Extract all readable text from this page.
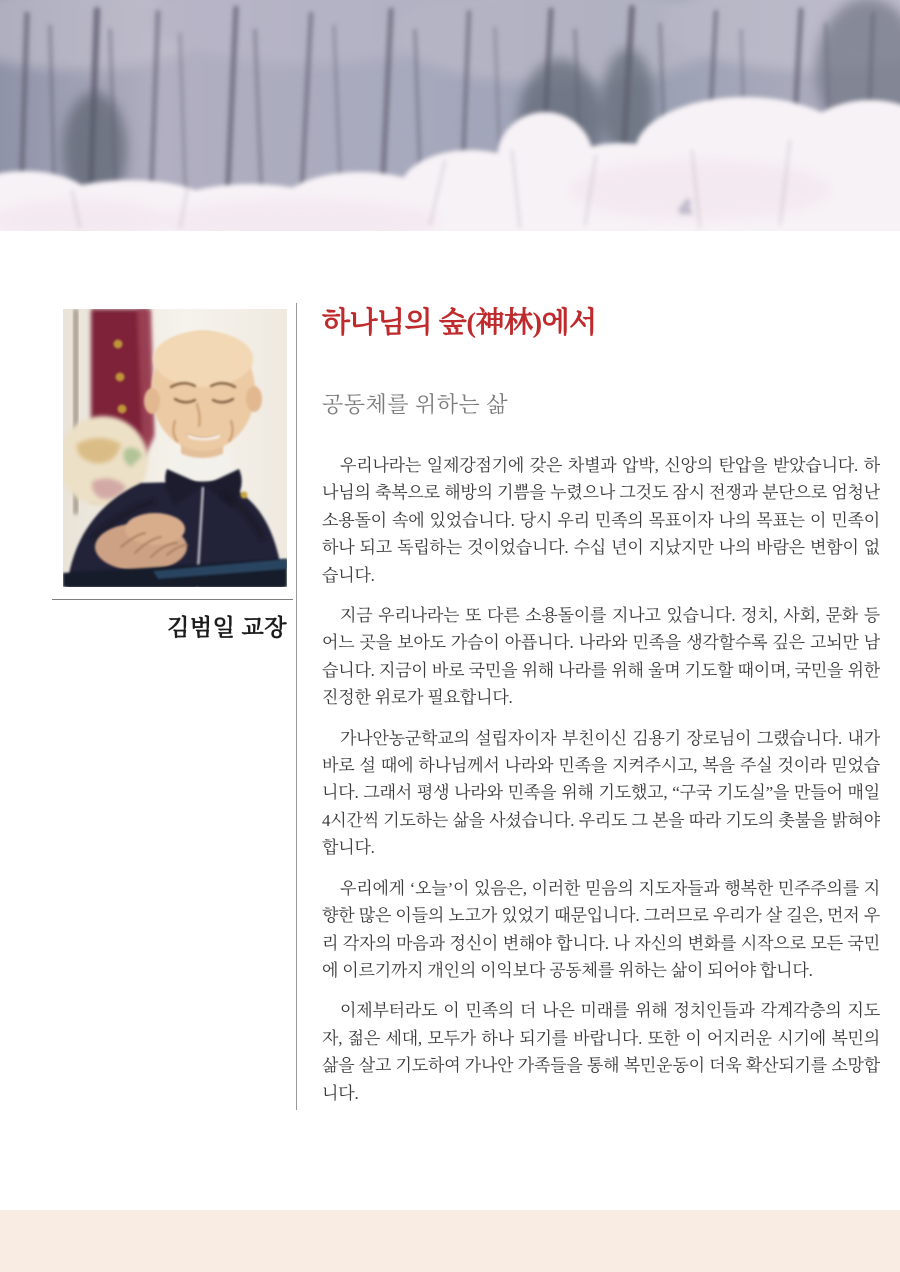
김범일 교장
하나님의 숲(神林)에서
공동체를 위하는 삶

우리나라는 일제강점기에 갖은 차별과 압박, 신앙의 탄압을 받았습니다. 하나님의 축복으로 해방의 기쁨을 누렸으나 그것도 잠시 전쟁과 분단으로 엄청난 소용돌이 속에 있었습니다. 당시 우리 민족의 목표이자 나의 목표는 이 민족이 하나 되고 독립하는 것이었습니다. 수십 년이 지났지만 나의 바람은 변함이 없습니다.

지금 우리나라는 또 다른 소용돌이를 지나고 있습니다. 정치, 사회, 문화 등 어느 곳을 보아도 가슴이 아픕니다. 나라와 민족을 생각할수록 깊은 고뇌만 남습니다. 지금이 바로 국민을 위해 나라를 위해 울며 기도할 때이며, 국민을 위한 진정한 위로가 필요합니다.

가나안농군학교의 설립자이자 부친이신 김용기 장로님이 그랬습니다. 내가 바로 설 때에 하나님께서 나라와 민족을 지켜주시고, 복을 주실 것이라 믿었습니다. 그래서 평생 나라와 민족을 위해 기도했고, “구국 기도실”을 만들어 매일 4시간씩 기도하는 삶을 사셨습니다. 우리도 그 본을 따라 기도의 촛불을 밝혀야 합니다.

우리에게 ‘오늘’이 있음은, 이러한 믿음의 지도자들과 행복한 민주주의를 지향한 많은 이들의 노고가 있었기 때문입니다. 그러므로 우리가 살 길은, 먼저 우리 각자의 마음과 정신이 변해야 합니다. 나 자신의 변화를 시작으로 모든 국민에 이르기까지 개인의 이익보다 공동체를 위하는 삶이 되어야 합니다.

이제부터라도 이 민족의 더 나은 미래를 위해 정치인들과 각계각층의 지도자, 젊은 세대, 모두가 하나 되기를 바랍니다. 또한 이 어지러운 시기에 복민의 삶을 살고 기도하여 가나안 가족들을 통해 복민운동이 더욱 확산되기를 소망합니다.
